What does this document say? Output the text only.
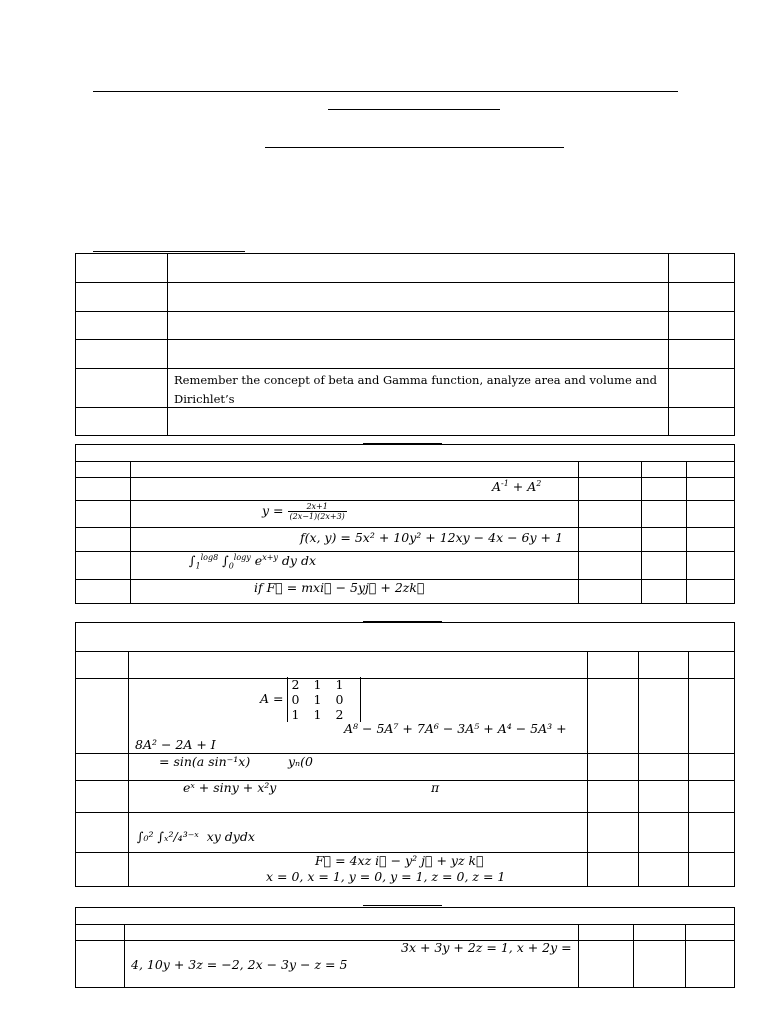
	Remember the concept of beta and Gamma function, analyze area and volume and Dirichlet’s	

$A^{-1} + A^2$
$y = \frac{2x+1}{(2x-1)(2x+3)}$
f(x, y) = 5x² + 10y² + 12xy − 4x − 6y + 1
$\int_1^{log8}$ $\int_0^{logy}$ $e^{x+y}$ dy dx
if F⃗ = mxi⃗ − 5yj⃗ + 2zk⃗

A = 2 1 1
0 1 0
1 1 2
A⁸ − 5A⁷ + 7A⁶ − 3A⁵ + A⁴ − 5A³ +
8A² − 2A + I
= sin(a sin⁻¹x)	yₙ(0
eˣ + siny + x²y	π
∫₀² ∫ₓ²/₄³⁻ˣ xy dydx
F⃗ = 4xz i⃗ − y² j⃗ + yz k⃗
x = 0, x = 1, y = 0, y = 1, z = 0, z = 1

3x + 3y + 2z = 1, x + 2y =
4, 10y + 3z = −2, 2x − 3y − z = 5
